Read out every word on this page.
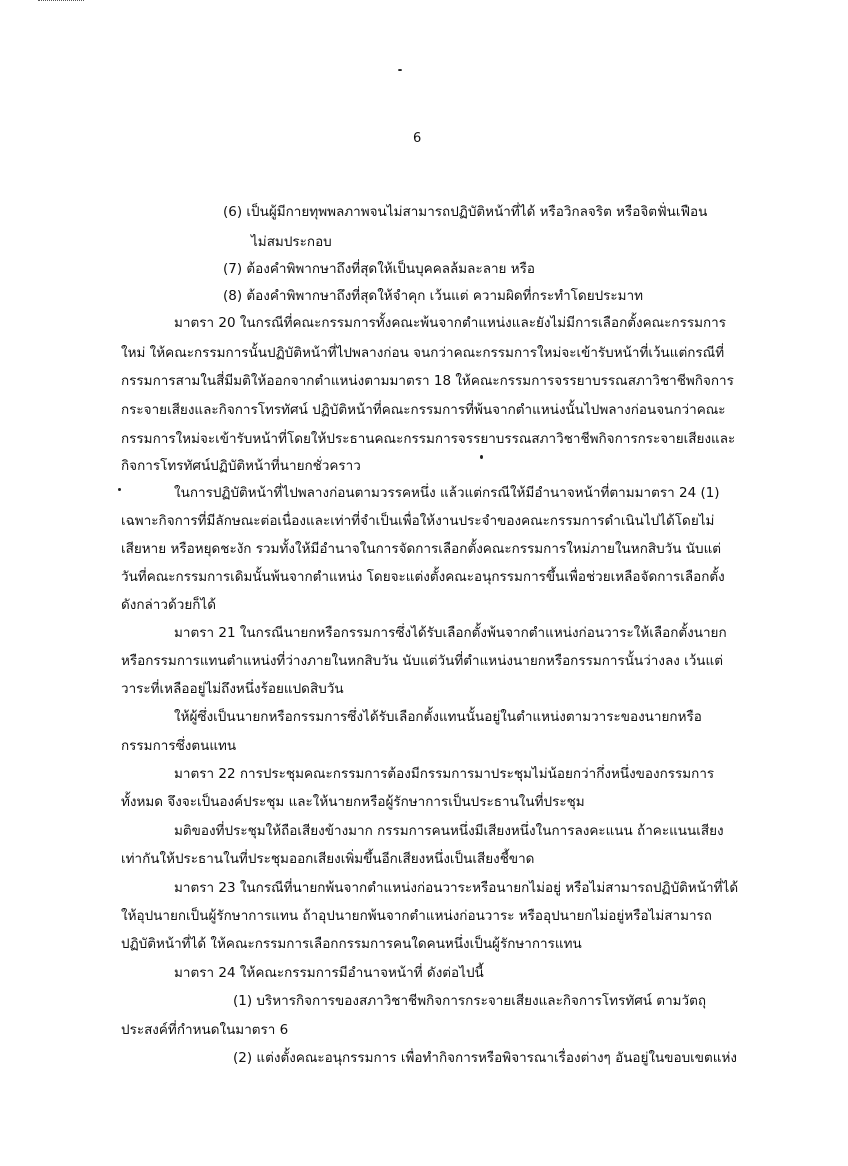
6
(6) เป็นผู้มีกายทุพพลภาพจนไม่สามารถปฏิบัติหน้าที่ได้ หรือวิกลจริต หรือจิตฟั่นเฟือน
ไม่สมประกอบ
(7) ต้องคำพิพากษาถึงที่สุดให้เป็นบุคคลล้มละลาย หรือ
(8) ต้องคำพิพากษาถึงที่สุดให้จำคุก เว้นแต่ ความผิดที่กระทำโดยประมาท
มาตรา 20 ในกรณีที่คณะกรรมการทั้งคณะพ้นจากตำแหน่งและยังไม่มีการเลือกตั้งคณะกรรมการ
ใหม่ ให้คณะกรรมการนั้นปฏิบัติหน้าที่ไปพลางก่อน จนกว่าคณะกรรมการใหม่จะเข้ารับหน้าที่เว้นแต่กรณีที่
กรรมการสามในสี่มีมติให้ออกจากตำแหน่งตามมาตรา 18 ให้คณะกรรมการจรรยาบรรณสภาวิชาชีพกิจการ
กระจายเสียงและกิจการโทรทัศน์ ปฏิบัติหน้าที่คณะกรรมการที่พ้นจากตำแหน่งนั้นไปพลางก่อนจนกว่าคณะ
กรรมการใหม่จะเข้ารับหน้าที่โดยให้ประธานคณะกรรมการจรรยาบรรณสภาวิชาชีพกิจการกระจายเสียงและ
กิจการโทรทัศน์ปฏิบัติหน้าที่นายกชั่วคราว
ในการปฏิบัติหน้าที่ไปพลางก่อนตามวรรคหนึ่ง แล้วแต่กรณีให้มีอำนาจหน้าที่ตามมาตรา 24 (1)
เฉพาะกิจการที่มีลักษณะต่อเนื่องและเท่าที่จำเป็นเพื่อให้งานประจำของคณะกรรมการดำเนินไปได้โดยไม่
เสียหาย หรือหยุดชะงัก รวมทั้งให้มีอำนาจในการจัดการเลือกตั้งคณะกรรมการใหม่ภายในหกสิบวัน นับแต่
วันที่คณะกรรมการเดิมนั้นพ้นจากตำแหน่ง โดยจะแต่งตั้งคณะอนุกรรมการขึ้นเพื่อช่วยเหลือจัดการเลือกตั้ง
ดังกล่าวด้วยก็ได้
มาตรา 21 ในกรณีนายกหรือกรรมการซึ่งได้รับเลือกตั้งพ้นจากตำแหน่งก่อนวาระให้เลือกตั้งนายก
หรือกรรมการแทนตำแหน่งที่ว่างภายในหกสิบวัน นับแต่วันที่ตำแหน่งนายกหรือกรรมการนั้นว่างลง เว้นแต่
วาระที่เหลืออยู่ไม่ถึงหนึ่งร้อยแปดสิบวัน
ให้ผู้ซึ่งเป็นนายกหรือกรรมการซึ่งได้รับเลือกตั้งแทนนั้นอยู่ในตำแหน่งตามวาระของนายกหรือ
กรรมการซึ่งตนแทน
มาตรา 22 การประชุมคณะกรรมการต้องมีกรรมการมาประชุมไม่น้อยกว่ากึ่งหนึ่งของกรรมการ
ทั้งหมด จึงจะเป็นองค์ประชุม และให้นายกหรือผู้รักษาการเป็นประธานในที่ประชุม
มติของที่ประชุมให้ถือเสียงข้างมาก กรรมการคนหนึ่งมีเสียงหนึ่งในการลงคะแนน ถ้าคะแนนเสียง
เท่ากันให้ประธานในที่ประชุมออกเสียงเพิ่มขึ้นอีกเสียงหนึ่งเป็นเสียงชี้ขาด
มาตรา 23 ในกรณีที่นายกพ้นจากตำแหน่งก่อนวาระหรือนายกไม่อยู่ หรือไม่สามารถปฏิบัติหน้าที่ได้
ให้อุปนายกเป็นผู้รักษาการแทน ถ้าอุปนายกพ้นจากตำแหน่งก่อนวาระ หรืออุปนายกไม่อยู่หรือไม่สามารถ
ปฏิบัติหน้าที่ได้ ให้คณะกรรมการเลือกกรรมการคนใดคนหนึ่งเป็นผู้รักษาการแทน
มาตรา 24 ให้คณะกรรมการมีอำนาจหน้าที่ ดังต่อไปนี้
(1) บริหารกิจการของสภาวิชาชีพกิจการกระจายเสียงและกิจการโทรทัศน์ ตามวัตถุ
ประสงค์ที่กำหนดในมาตรา 6
(2) แต่งตั้งคณะอนุกรรมการ เพื่อทำกิจการหรือพิจารณาเรื่องต่างๆ อันอยู่ในขอบเขตแห่ง
